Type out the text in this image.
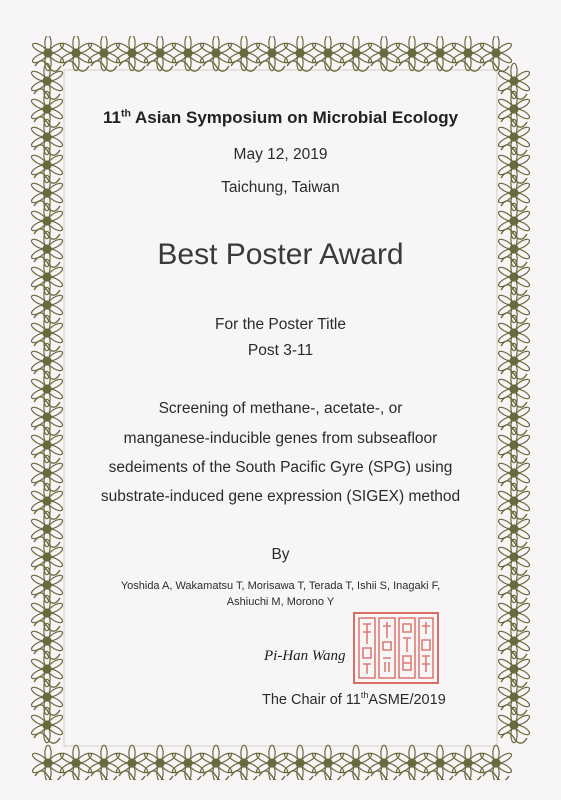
11th Asian Symposium on Microbial Ecology
May 12, 2019
Taichung, Taiwan
Best Poster Award
For the Poster Title
Post 3-11
Screening of methane-, acetate-, or
manganese-inducible genes from subseafloor
sedeiments of the South Pacific Gyre (SPG) using
substrate-induced gene expression (SIGEX) method
By
Yoshida A, Wakamatsu T, Morisawa T, Terada T, Ishii S, Inagaki F,
Ashiuchi M, Morono Y
Pi-Han Wang
The Chair of 11thASME/2019
